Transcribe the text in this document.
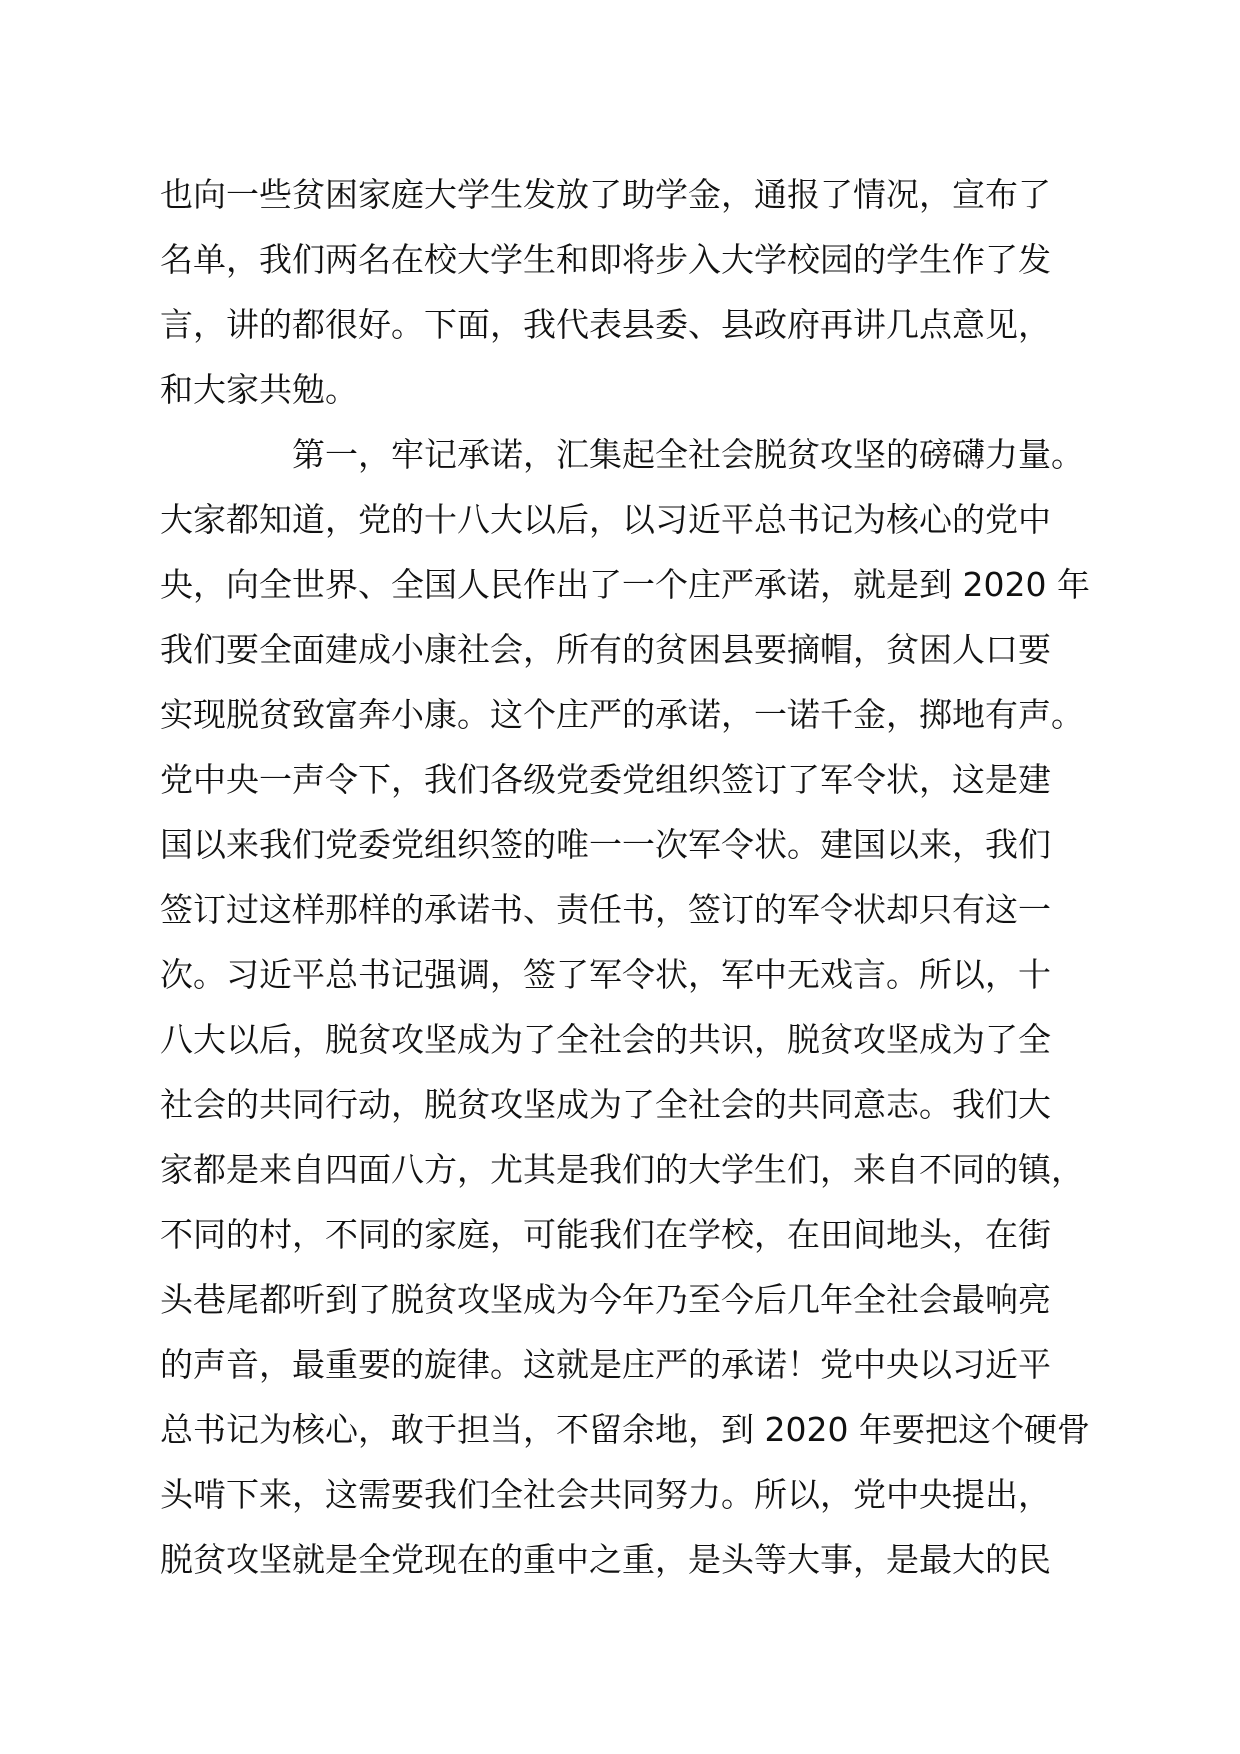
也向一些贫困家庭大学生发放了助学金，通报了情况，宣布了
名单，我们两名在校大学生和即将步入大学校园的学生作了发
言，讲的都很好。下面，我代表县委、县政府再讲几点意见，
和大家共勉。
第一，牢记承诺，汇集起全社会脱贫攻坚的磅礴力量。
大家都知道，党的十八大以后，以习近平总书记为核心的党中
央，向全世界、全国人民作出了一个庄严承诺，就是到 2020 年
我们要全面建成小康社会，所有的贫困县要摘帽，贫困人口要
实现脱贫致富奔小康。这个庄严的承诺，一诺千金，掷地有声。
党中央一声令下，我们各级党委党组织签订了军令状，这是建
国以来我们党委党组织签的唯一一次军令状。建国以来，我们
签订过这样那样的承诺书、责任书，签订的军令状却只有这一
次。习近平总书记强调，签了军令状，军中无戏言。所以，十
八大以后，脱贫攻坚成为了全社会的共识，脱贫攻坚成为了全
社会的共同行动，脱贫攻坚成为了全社会的共同意志。我们大
家都是来自四面八方，尤其是我们的大学生们，来自不同的镇，
不同的村，不同的家庭，可能我们在学校，在田间地头，在街
头巷尾都听到了脱贫攻坚成为今年乃至今后几年全社会最响亮
的声音，最重要的旋律。这就是庄严的承诺！党中央以习近平
总书记为核心，敢于担当，不留余地，到 2020 年要把这个硬骨
头啃下来，这需要我们全社会共同努力。所以，党中央提出，
脱贫攻坚就是全党现在的重中之重，是头等大事，是最大的民
